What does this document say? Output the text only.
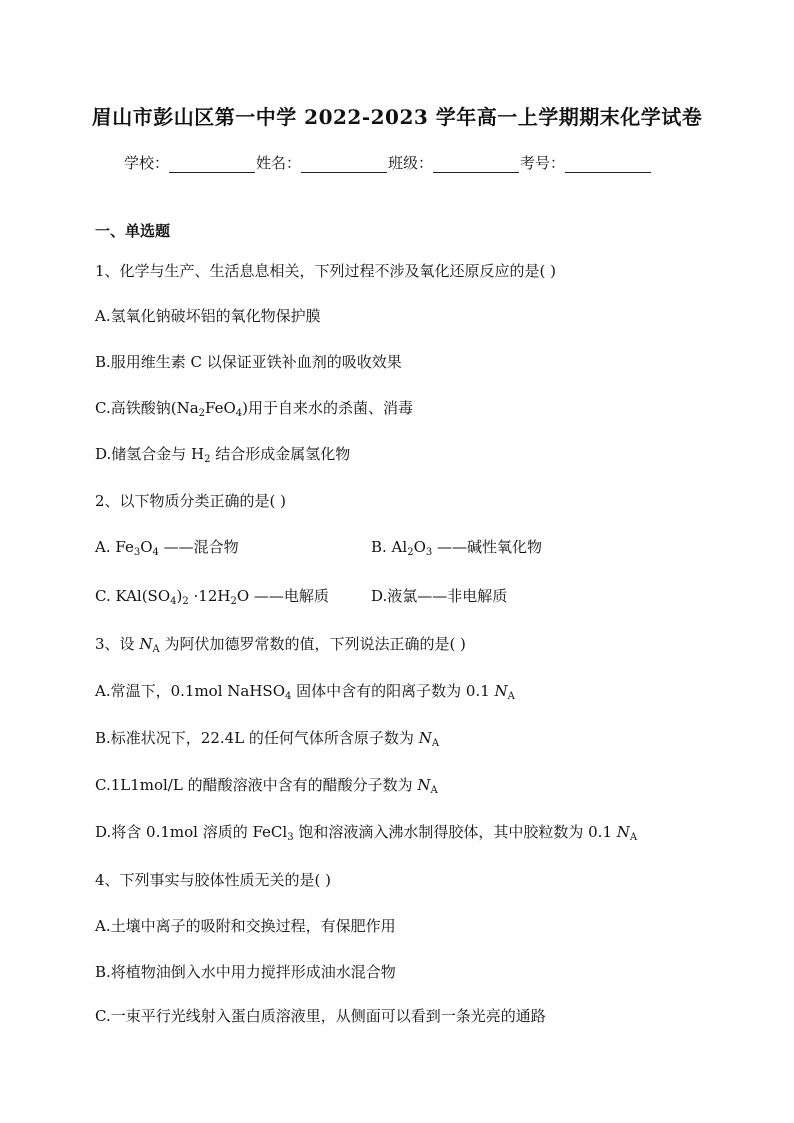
眉山市彭山区第一中学 2022-2023 学年高一上学期期末化学试卷
学校：	姓名：	班级：	考号：
一、单选题
1、化学与生产、生活息息相关，下列过程不涉及氧化还原反应的是( )
A.氢氧化钠破坏铝的氧化物保护膜
B.服用维生素 C 以保证亚铁补血剂的吸收效果
C.高铁酸钠$(Na_2FeO_4)$用于自来水的杀菌、消毒
D.储氢合金与 $H_2$ 结合形成金属氢化物
2、以下物质分类正确的是( )
A. $Fe_3O_4$ ——混合物	B. $Al_2O_3$ ——碱性氧化物
C. $KAl(SO_4)_2 \cdot 12H_2O$ ——电解质	D.液氯——非电解质
3、设 $N_A$ 为阿伏加德罗常数的值，下列说法正确的是( )
A.常温下，0.1mol NaHSO$_4$ 固体中含有的阳离子数为 0.1 $N_A$
B.标准状况下，22.4L 的任何气体所含原子数为 $N_A$
C.1L1mol/L 的醋酸溶液中含有的醋酸分子数为 $N_A$
D.将含 0.1mol 溶质的 FeCl$_3$ 饱和溶液滴入沸水制得胶体，其中胶粒数为 0.1 $N_A$
4、下列事实与胶体性质无关的是( )
A.土壤中离子的吸附和交换过程，有保肥作用
B.将植物油倒入水中用力搅拌形成油水混合物
C.一束平行光线射入蛋白质溶液里，从侧面可以看到一条光亮的通路
